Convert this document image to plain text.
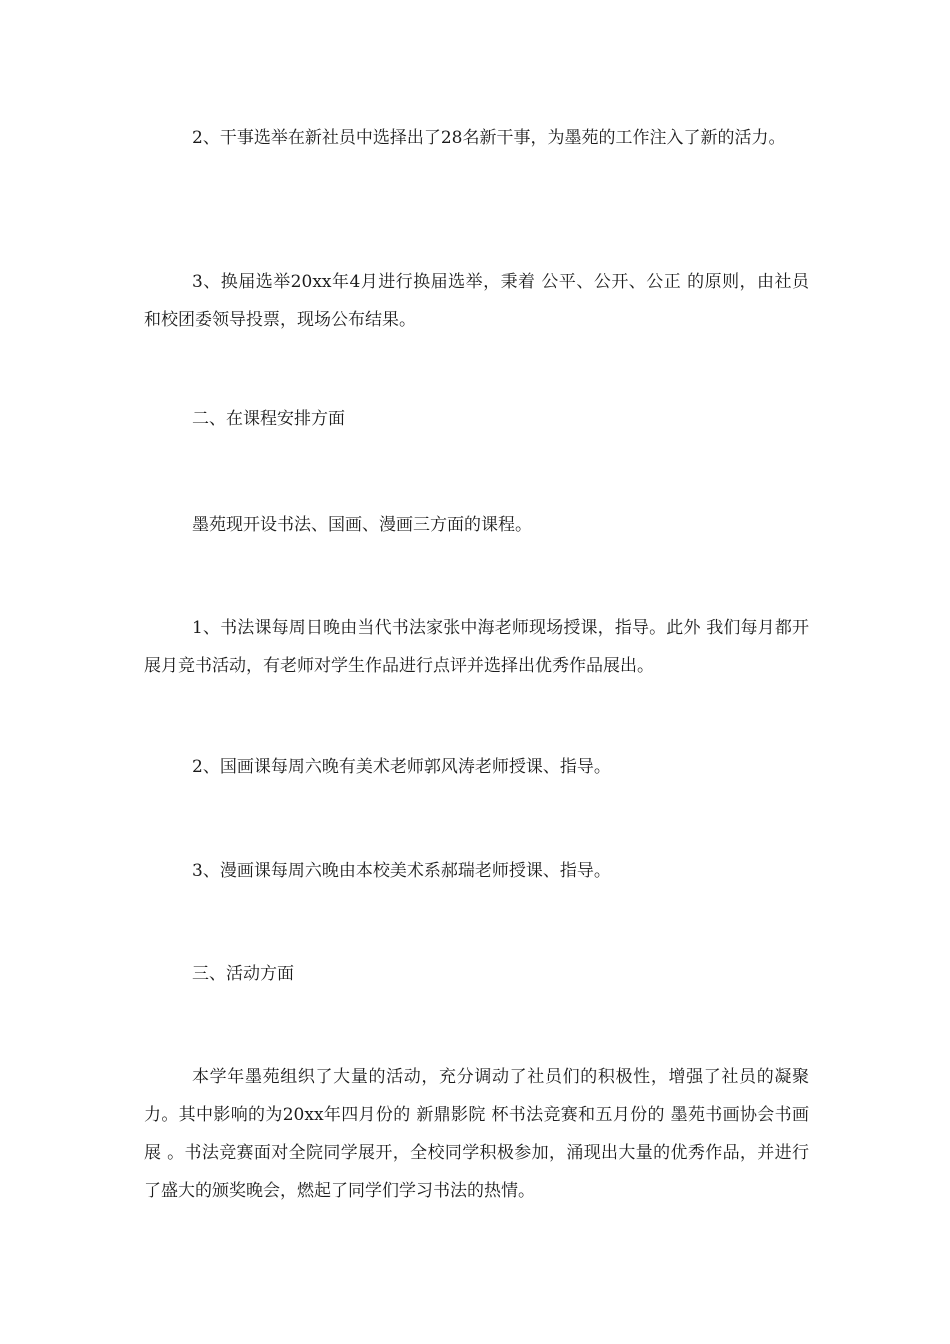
2、干事选举在新社员中选择出了28名新干事，为墨苑的工作注入了新的活力。

3、换届选举20xx年4月进行换届选举，秉着 公平、公开、公正 的原则，由社员和校团委领导投票，现场公布结果。

二、在课程安排方面

墨苑现开设书法、国画、漫画三方面的课程。

1、书法课每周日晚由当代书法家张中海老师现场授课，指导。此外 我们每月都开展月竞书活动，有老师对学生作品进行点评并选择出优秀作品展出。

2、国画课每周六晚有美术老师郭风涛老师授课、指导。

3、漫画课每周六晚由本校美术系郝瑞老师授课、指导。

三、活动方面

本学年墨苑组织了大量的活动，充分调动了社员们的积极性，增强了社员的凝聚力。其中影响的为20xx年四月份的 新鼎影院 杯书法竞赛和五月份的 墨苑书画协会书画展 。书法竞赛面对全院同学展开，全校同学积极参加，涌现出大量的优秀作品，并进行了盛大的颁奖晚会，燃起了同学们学习书法的热情。
